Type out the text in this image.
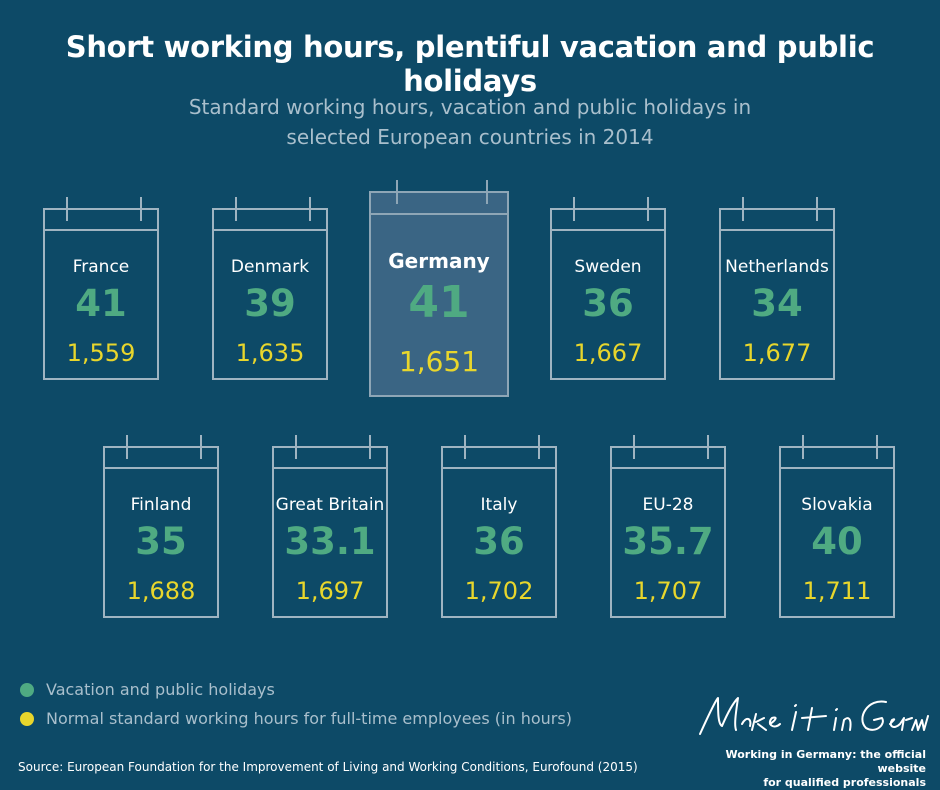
Short working hours, plentiful vacation and public holidays
Standard working hours, vacation and public holidays in
selected European countries in 2014
France
41
1,559
Denmark
39
1,635
Germany
41
1,651
Sweden
36
1,667
Netherlands
34
1,677
Finland
35
1,688
Great Britain
33.1
1,697
Italy
36
1,702
EU-28
35.7
1,707
Slovakia
40
1,711
Vacation and public holidays
Normal standard working hours for full-time employees (in hours)
Source: European Foundation for the Improvement of Living and Working Conditions, Eurofound (2015)
Working in Germany: the official website
for qualified professionals
